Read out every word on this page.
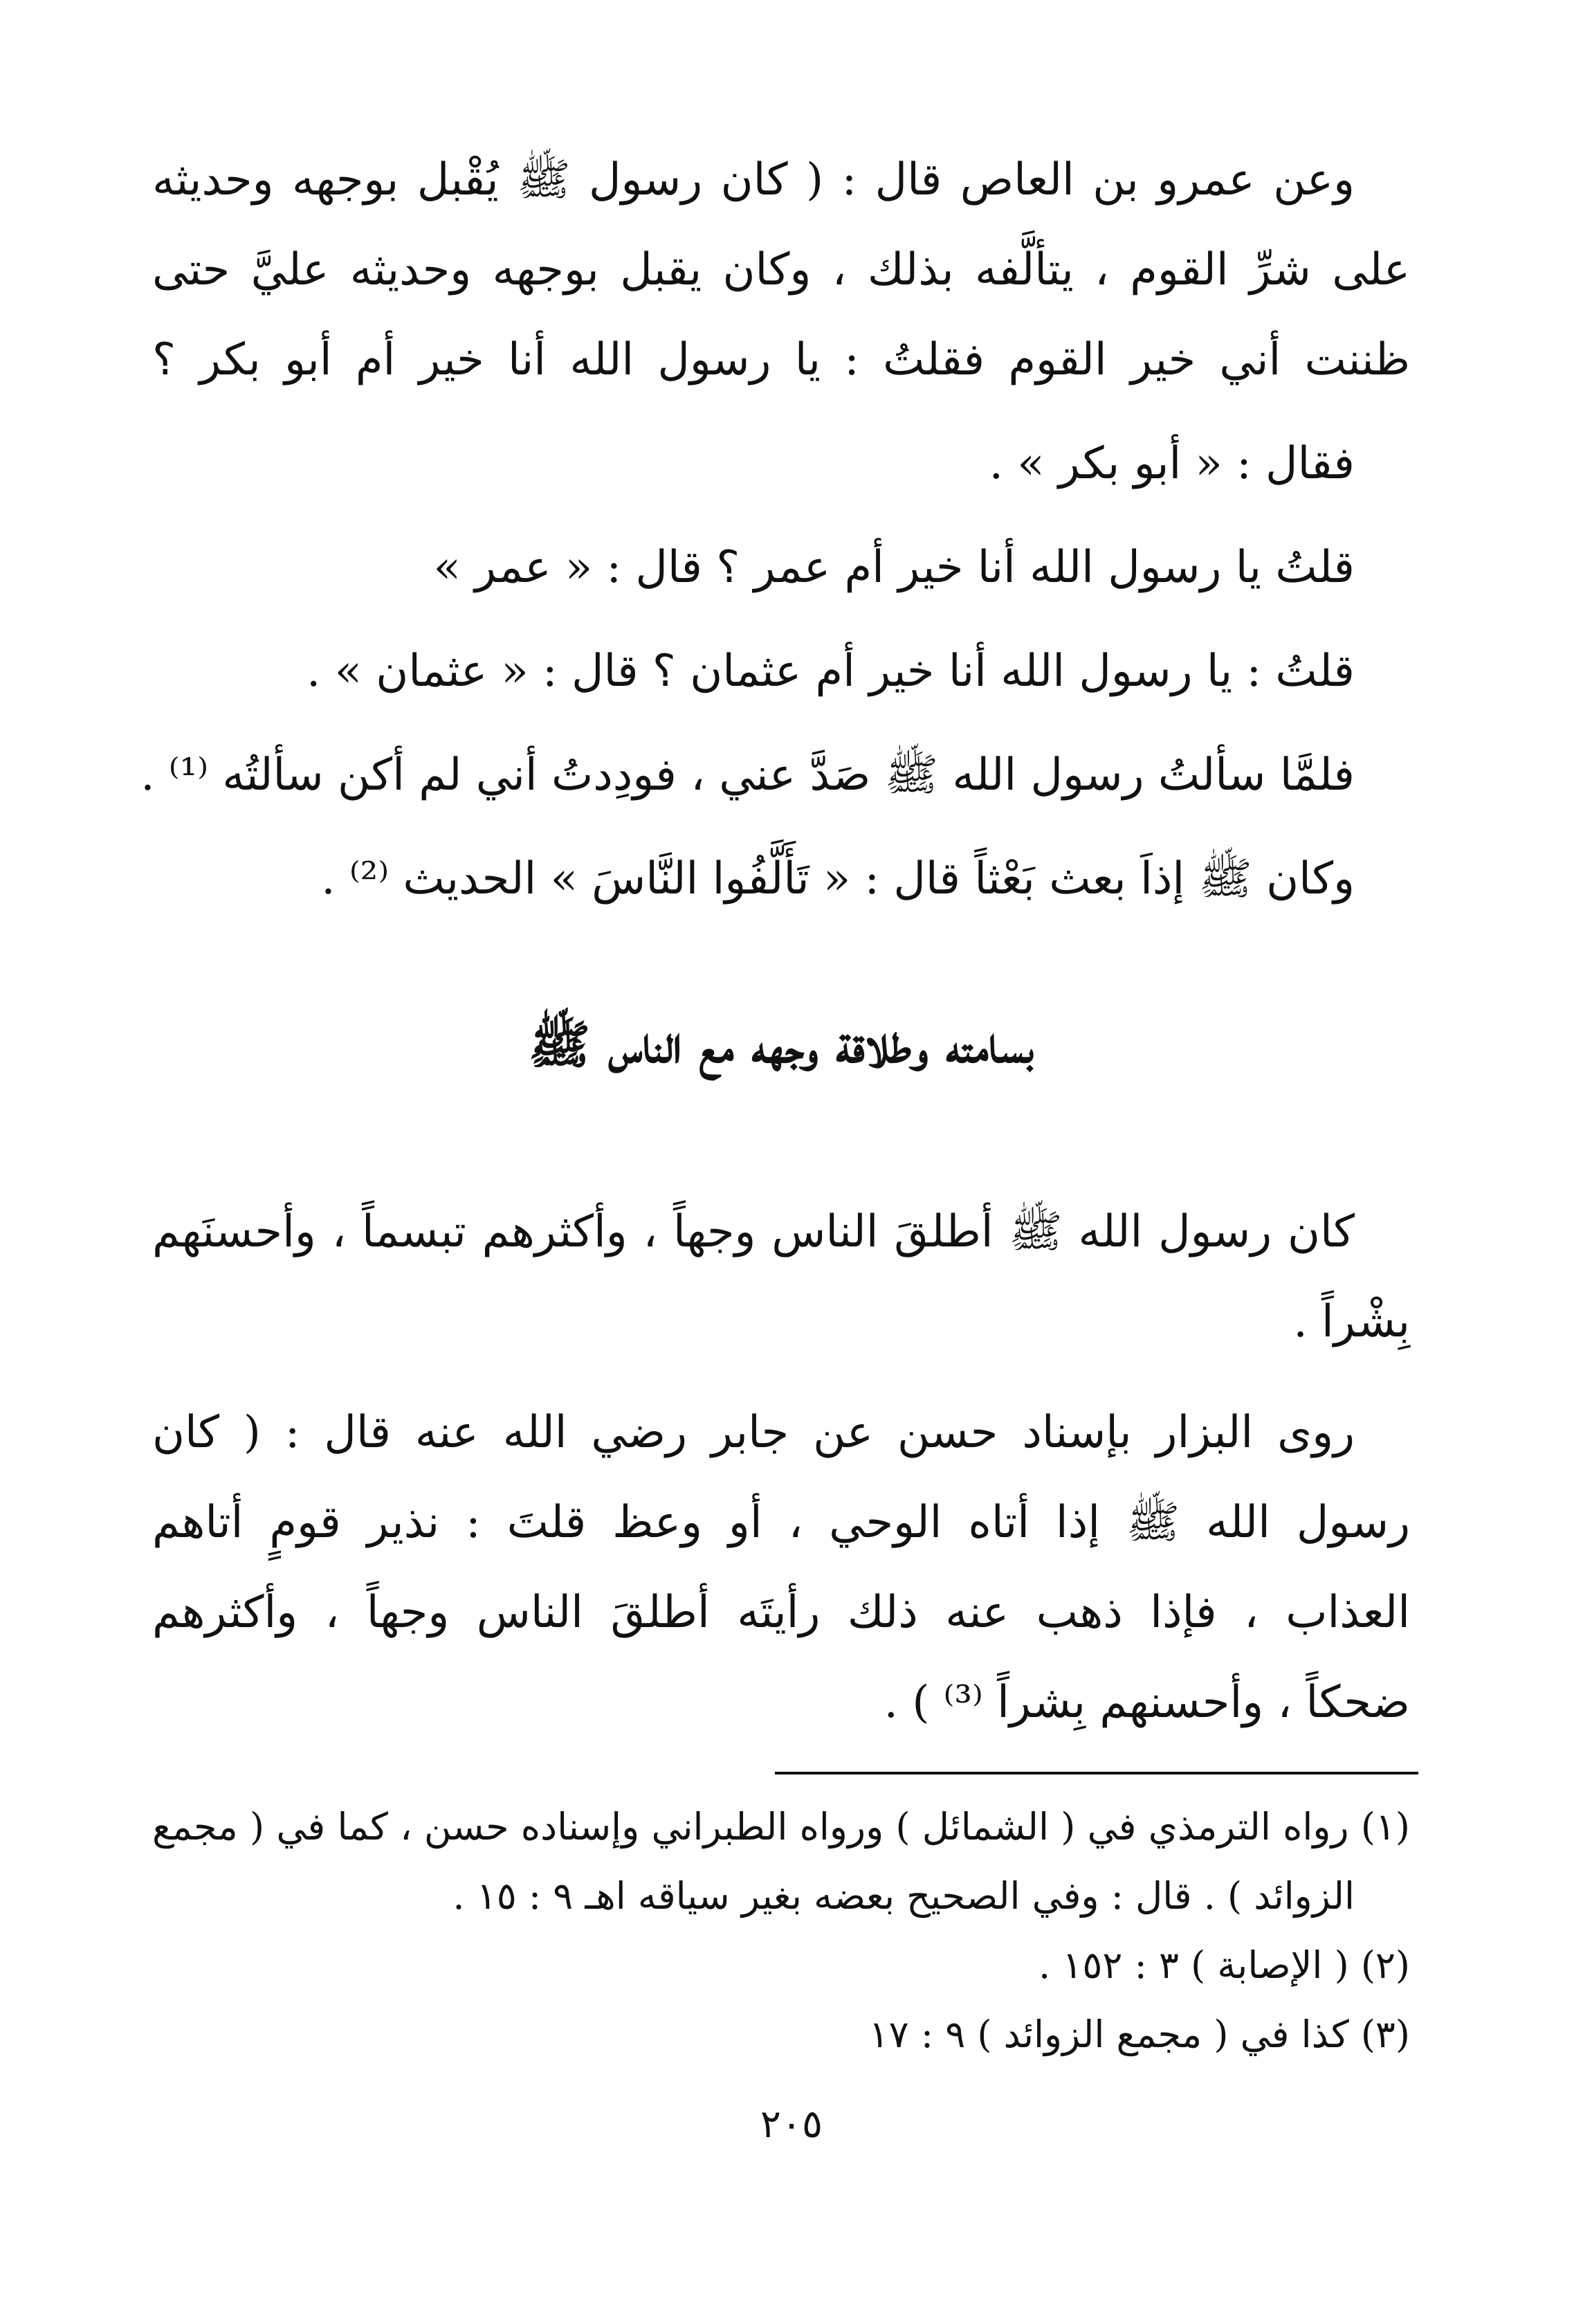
وعن عمرو بن العاص قال : ( كان رسول ﷺ يُقْبل بوجهه وحديثه
على شرِّ القوم ، يتألَّفه بذلك ، وكان يقبل بوجهه وحديثه عليَّ حتى
ظننت أني خير القوم فقلتُ : يا رسول الله أنا خير أم أبو بكر ؟
فقال : « أبو بكر » .
قلتُ يا رسول الله أنا خير أم عمر ؟ قال : « عمر »
قلتُ : يا رسول الله أنا خير أم عثمان ؟ قال : « عثمان » .
فلمَّا سألتُ رسول الله ﷺ صَدَّ عني ، فودِدتُ أني لم أكن سألتُه ⁽¹⁾ .
وكان ﷺ إذاَ بعث بَعْثاً قال : « تَأَلَّفُوا النَّاسَ » الحديث ⁽²⁾ .
بسامته وطلاقة وجهه مع الناس ﷺ
كان رسول الله ﷺ أطلقَ الناس وجهاً ، وأكثرهم تبسماً ، وأحسنَهم
بِشْراً .
روى البزار بإسناد حسن عن جابر رضي الله عنه قال : ( كان
رسول الله ﷺ إذا أتاه الوحي ، أو وعظ قلتَ : نذير قومٍ أتاهم
العذاب ، فإذا ذهب عنه ذلك رأيتَه أطلقَ الناس وجهاً ، وأكثرهم
ضحكاً ، وأحسنهم بِشراً ⁽³⁾ ) .
(١) رواه الترمذي في ( الشمائل ) ورواه الطبراني وإسناده حسن ، كما في ( مجمع
الزوائد ) . قال : وفي الصحيح بعضه بغير سياقه اهـ ٩ : ١٥ .
(٢) ( الإصابة ) ٣ : ١٥٢ .
(٣) كذا في ( مجمع الزوائد ) ٩ : ١٧
٢٠٥
